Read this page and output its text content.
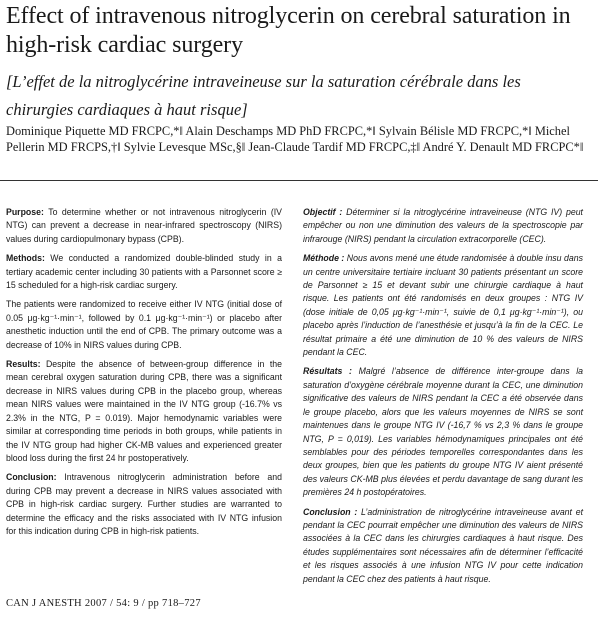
Effect of intravenous nitroglycerin on cerebral saturation in high-risk cardiac surgery
[L’effet de la nitroglycérine intraveineuse sur la saturation cérébrale dans les chirurgies cardiaques à haut risque]
Dominique Piquette MD FRCPC,*‖ Alain Deschamps MD PhD FRCPC,*‖ Sylvain Bélisle MD FRCPC,*‖ Michel Pellerin MD FRCPS,†‖ Sylvie Levesque MSc,§‖ Jean-Claude Tardif MD FRCPC,‡‖ André Y. Denault MD FRCPC*‖

Purpose: To determine whether or not intravenous nitroglycerin (IV NTG) can prevent a decrease in near-infrared spectroscopy (NIRS) values during cardiopulmonary bypass (CPB).

Methods: We conducted a randomized double-blinded study in a tertiary academic center including 30 patients with a Parsonnet score ≥ 15 scheduled for a high-risk cardiac surgery.

The patients were randomized to receive either IV NTG (initial dose of 0.05 μg·kg⁻¹·min⁻¹, followed by 0.1 μg·kg⁻¹·min⁻¹) or placebo after anesthetic induction until the end of CPB. The primary outcome was a decrease of 10% in NIRS values during CPB.

Results: Despite the absence of between-group difference in the mean cerebral oxygen saturation during CPB, there was a significant decrease in NIRS values during CPB in the placebo group, whereas mean NIRS values were maintained in the IV NTG group (-16.7% vs 2.3% in the NTG, P = 0.019). Major hemodynamic variables were similar at corresponding time periods in both groups, while patients in the IV NTG group had higher CK-MB values and experienced greater blood loss during the first 24 hr postoperatively.

Conclusion: Intravenous nitroglycerin administration before and during CPB may prevent a decrease in NIRS values associated with CPB in high-risk cardiac surgery. Further studies are warranted to determine the efficacy and the risks associated with IV NTG infusion for this indication during CPB in high-risk patients.

Objectif : Déterminer si la nitroglycérine intraveineuse (NTG IV) peut empêcher ou non une diminution des valeurs de la spectroscopie par infrarouge (NIRS) pendant la circulation extracorporelle (CEC).

Méthode : Nous avons mené une étude randomisée à double insu dans un centre universitaire tertiaire incluant 30 patients présentant un score de Parsonnet ≥ 15 et devant subir une chirurgie cardiaque à haut risque. Les patients ont été randomisés en deux groupes : NTG IV (dose initiale de 0,05 μg·kg⁻¹·min⁻¹, suivie de 0,1 μg·kg⁻¹·min⁻¹), ou placebo après l’induction de l’anesthésie et jusqu’à la fin de la CEC. Le résultat primaire a été une diminution de 10 % des valeurs de NIRS pendant la CEC.

Résultats : Malgré l’absence de différence inter-groupe dans la saturation d’oxygène cérébrale moyenne durant la CEC, une diminution significative des valeurs de NIRS pendant la CEC a été observée dans le groupe placebo, alors que les valeurs moyennes de NIRS se sont maintenues dans le groupe NTG IV (-16,7 % vs 2,3 % dans le groupe NTG, P = 0,019). Les variables hémodynamiques principales ont été semblables pour des périodes temporelles correspondantes dans les deux groupes, bien que les patients du groupe NTG IV aient présenté des valeurs CK-MB plus élevées et perdu davantage de sang durant les premières 24 h postopératoires.

Conclusion : L’administration de nitroglycérine intraveineuse avant et pendant la CEC pourrait empêcher une diminution des valeurs de NIRS associées à la CEC dans les chirurgies cardiaques à haut risque. Des études supplémentaires sont nécessaires afin de déterminer l’efficacité et les risques associés à une infusion NTG IV pour cette indication pendant la CEC chez des patients à haut risque.

CAN J ANESTH 2007 / 54: 9 / pp 718–727
